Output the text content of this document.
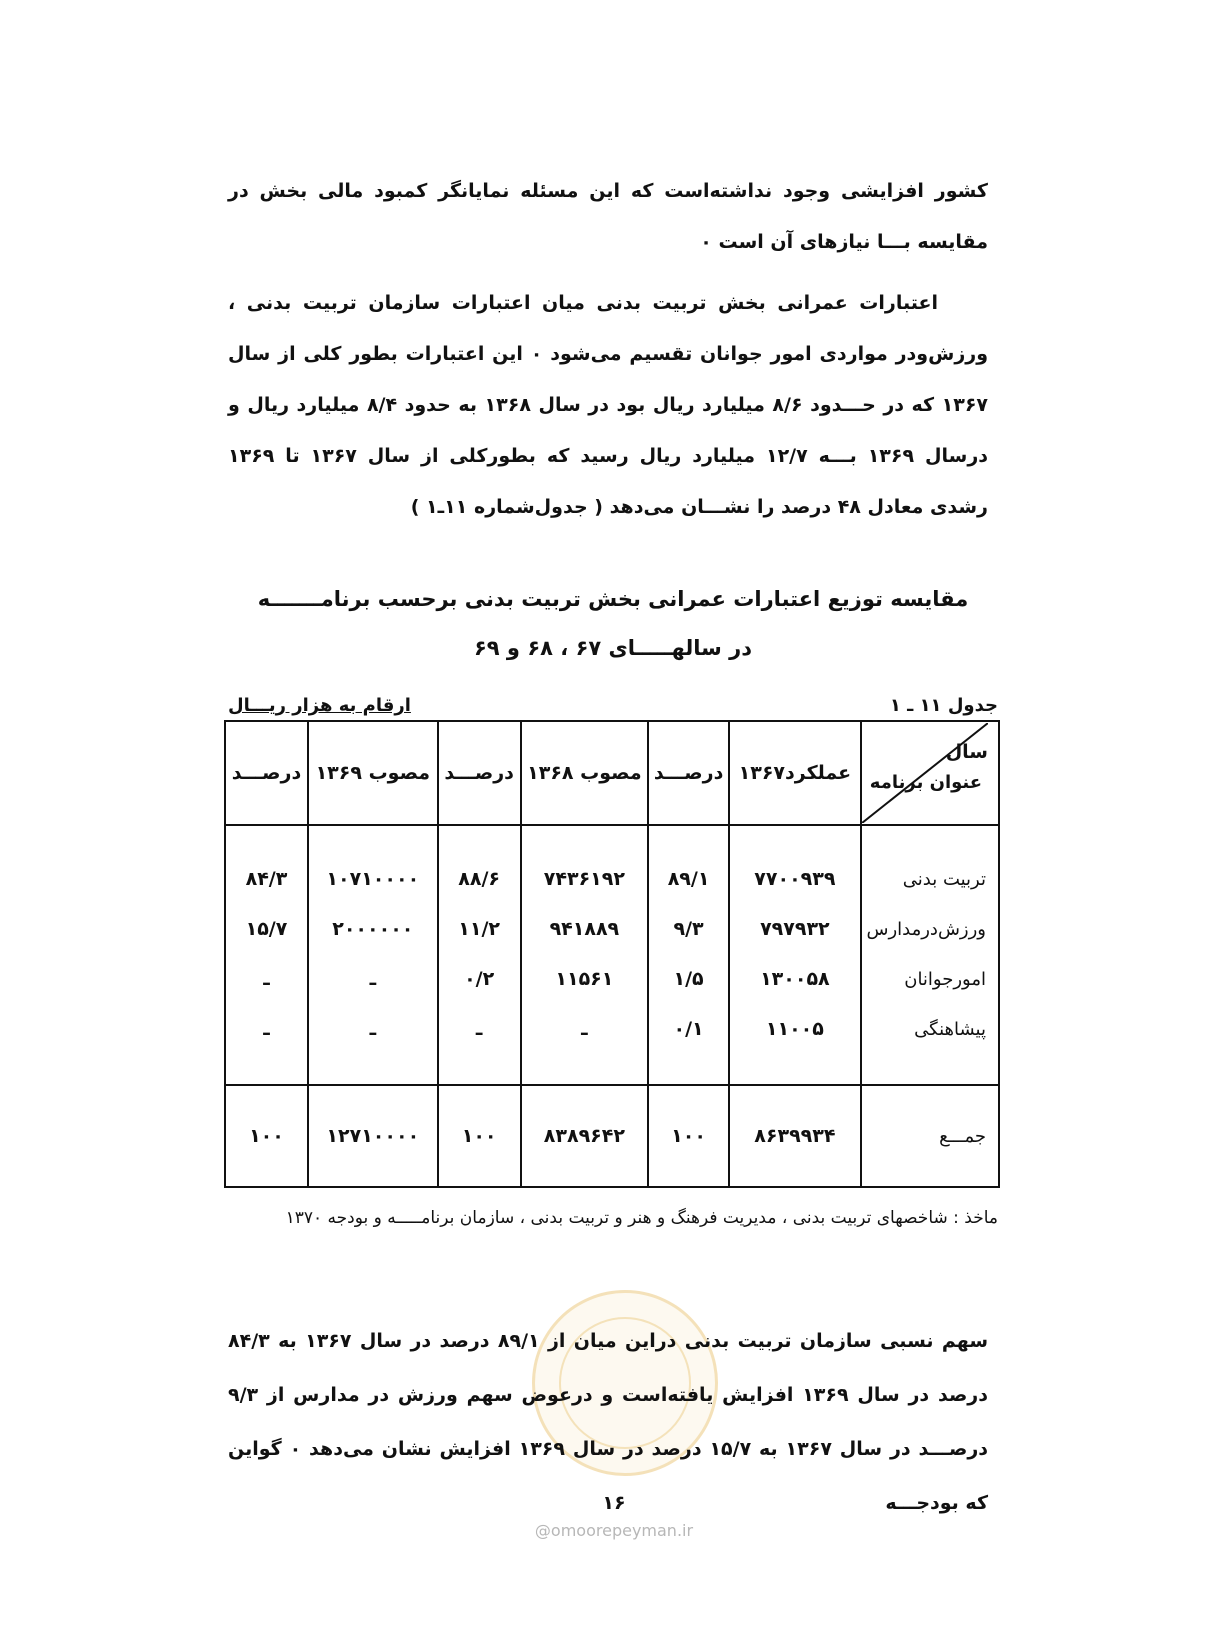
کشور افزایشی وجود نداشته‌است که این مسئله نمایانگر کمبود مالی بخش در مقایسه بـــا نیازهای آن است ۰

اعتبارات عمرانی بخش تربیت بدنی میان اعتبارات سازمان تربیت بدنی ، ورزش‌ودر مواردی امور جوانان تقسیم می‌شود ۰ این اعتبارات بطور کلی از سال ۱۳۶۷ که در حـــدود ۸/۶ میلیارد ریال بود در سال ۱۳۶۸ به حدود ۸/۴ میلیارد ریال و درسال ۱۳۶۹ بـــه ۱۲/۷ میلیارد ریال رسید که بطورکلی از سال ۱۳۶۷ تا ۱۳۶۹ رشدی معادل ۴۸ درصد را نشـــان می‌دهد ( جدول‌شماره ۱۱ـ۱ )

مقایسه توزیع اعتبارات عمرانی بخش تربیت بدنی برحسب برنامـــــــه
در سالهـــــای ۶۷ ، ۶۸ و ۶۹
جدول ۱۱ ـ ۱
ارقام به هزار ریـــال
سال
عنوان برنامه	عملکرد۱۳۶۷	درصـــد	مصوب ۱۳۶۸	درصـــد	مصوب ۱۳۶۹	درصـــد
تربیت بدنی	۷۷۰۰۹۳۹	۸۹/۱	۷۴۳۶۱۹۲	۸۸/۶	۱۰۷۱۰۰۰۰	۸۴/۳
ورزش‌درمدارس	۷۹۷۹۳۲	۹/۳	۹۴۱۸۸۹	۱۱/۲	۲۰۰۰۰۰۰	۱۵/۷
امورجوانان	۱۳۰۰۵۸	۱/۵	۱۱۵۶۱	۰/۲	ـ	ـ
پیشاهنگی	۱۱۰۰۵	۰/۱	ـ	ـ	ـ	ـ
جمـــع	۸۶۳۹۹۳۴	۱۰۰	۸۳۸۹۶۴۲	۱۰۰	۱۲۷۱۰۰۰۰	۱۰۰

ماخذ : شاخصهای تربیت بدنی ، مدیریت فرهنگ و هنر و تربیت بدنی ، سازمان برنامـــــه و بودجه ۱۳۷۰

سهم نسبی سازمان تربیت بدنی دراین میان از ۸۹/۱ درصد در سال ۱۳۶۷ به ۸۴/۳ درصد در سال ۱۳۶۹ افزایش یافته‌است و درعوض سهم ورزش در مدارس از ۹/۳ درصـــد در سال ۱۳۶۷ به ۱۵/۷ درصد در سال ۱۳۶۹ افزایش نشان می‌دهد ۰ گواین که بودجـــه

۱۶
@omoorepeyman.ir
